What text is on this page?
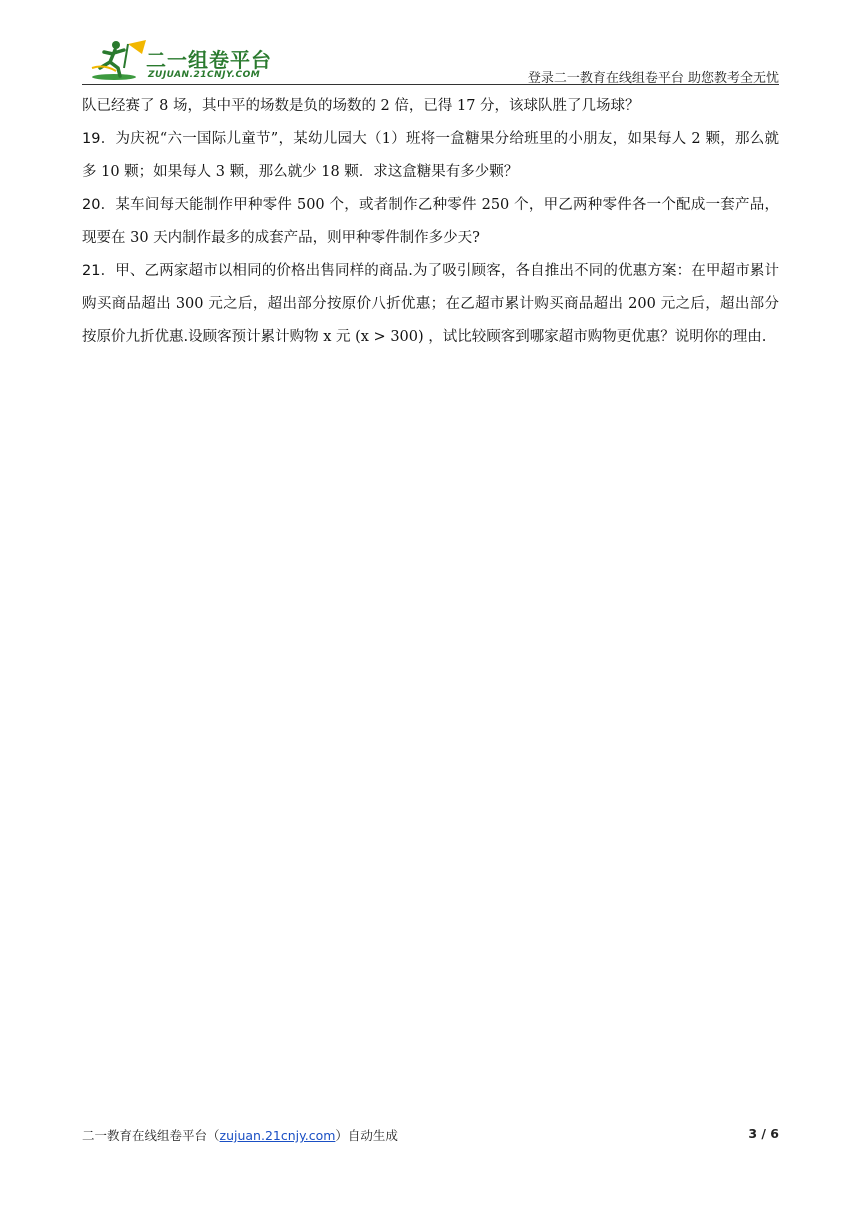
二一组卷平台
ZUJUAN.21CNJY.COM	登录二一教育在线组卷平台 助您教考全无忧

队已经赛了 8 场，其中平的场数是负的场数的 2 倍，已得 17 分，该球队胜了几场球？

19．为庆祝“六一国际儿童节”，某幼儿园大（1）班将一盒糖果分给班里的小朋友，如果每人 2 颗，那么就多 10 颗；如果每人 3 颗，那么就少 18 颗．求这盒糖果有多少颗？

20．某车间每天能制作甲种零件 500 个，或者制作乙种零件 250 个，甲乙两种零件各一个配成一套产品，现要在 30 天内制作最多的成套产品，则甲种零件制作多少天?

21．甲、乙两家超市以相同的价格出售同样的商品.为了吸引顾客，各自推出不同的优惠方案：在甲超市累计购买商品超出 300 元之后，超出部分按原价八折优惠；在乙超市累计购买商品超出 200 元之后，超出部分按原价九折优惠.设顾客预计累计购物 x 元 (x > 300) ，试比较顾客到哪家超市购物更优惠？说明你的理由.

二一教育在线组卷平台（zujuan.21cnjy.com）自动生成	3 / 6
